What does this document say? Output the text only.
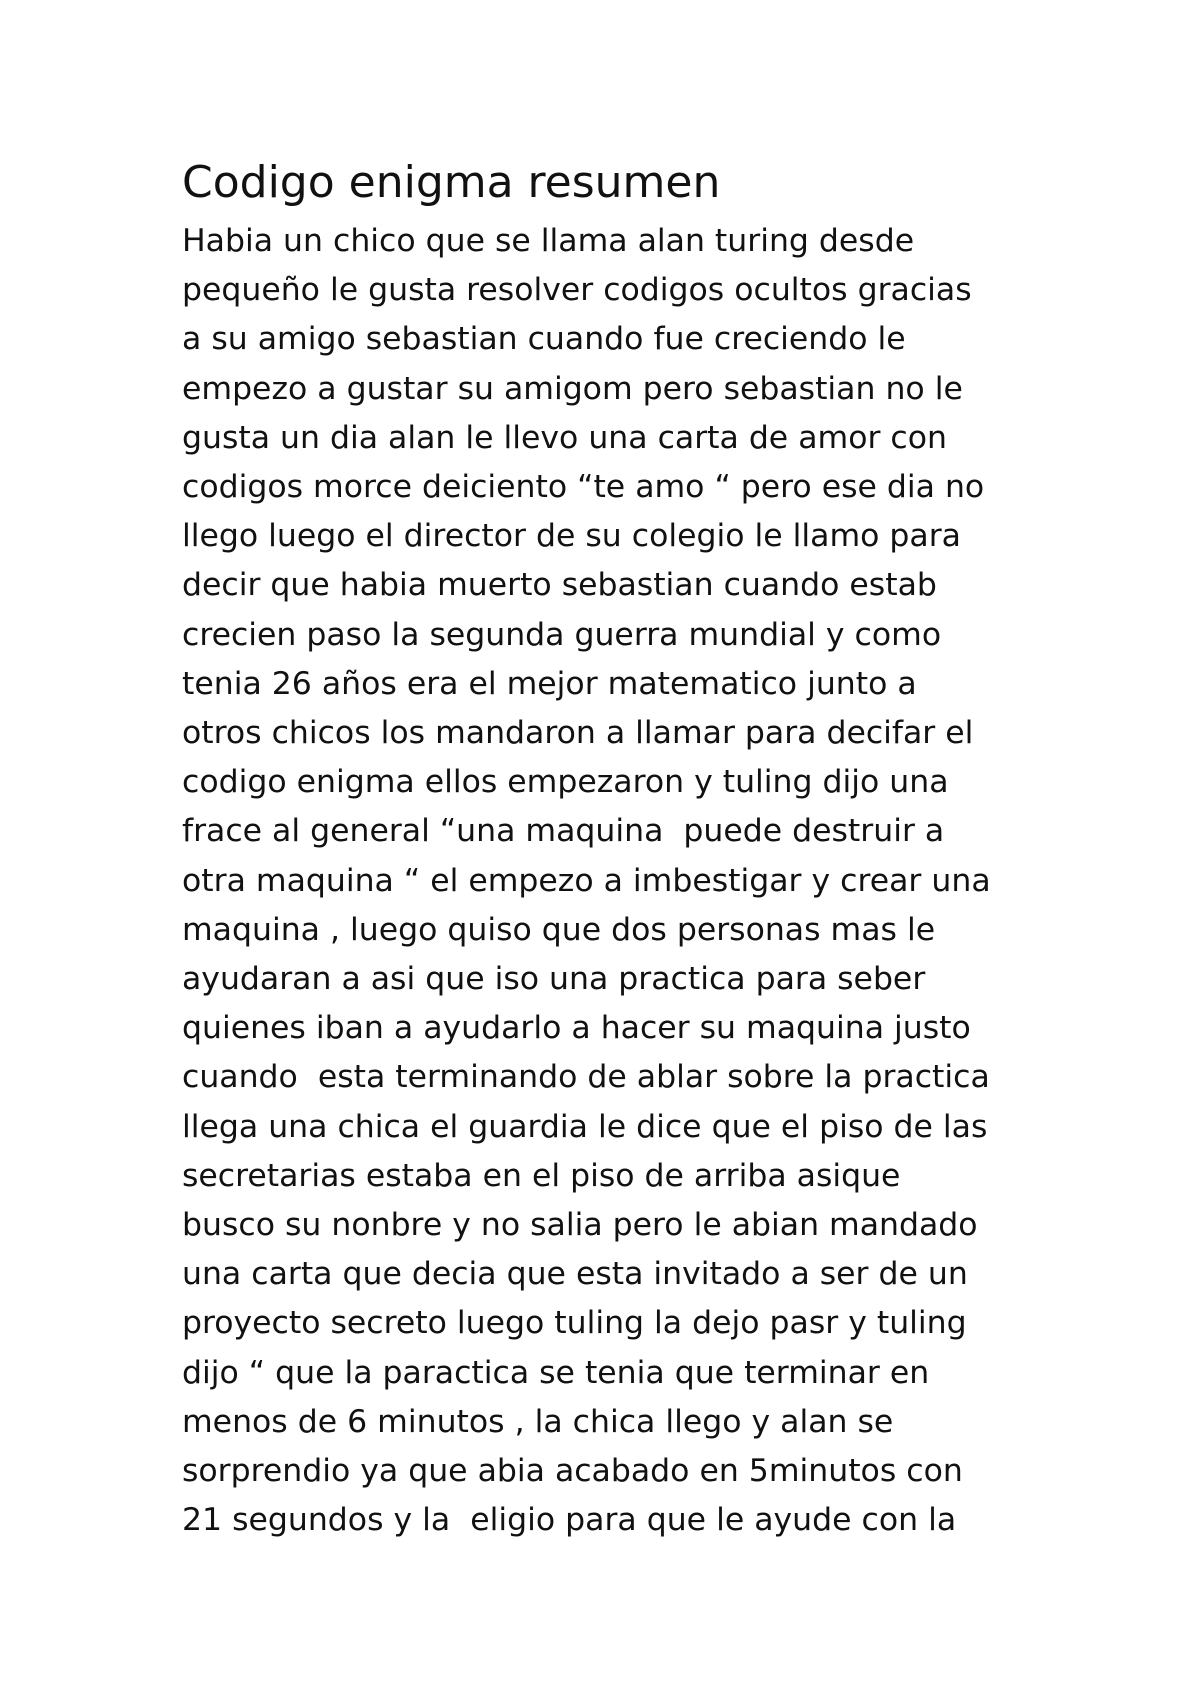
Codigo enigma resumen
Habia un chico que se llama alan turing desde
pequeño le gusta resolver codigos ocultos gracias
a su amigo sebastian cuando fue creciendo le
empezo a gustar su amigom pero sebastian no le
gusta un dia alan le llevo una carta de amor con
codigos morce deiciento “te amo “ pero ese dia no
llego luego el director de su colegio le llamo para
decir que habia muerto sebastian cuando estab
crecien paso la segunda guerra mundial y como
tenia 26 años era el mejor matematico junto a
otros chicos los mandaron a llamar para decifar el
codigo enigma ellos empezaron y tuling dijo una
frace al general “una maquina  puede destruir a
otra maquina “ el empezo a imbestigar y crear una
maquina , luego quiso que dos personas mas le
ayudaran a asi que iso una practica para seber
quienes iban a ayudarlo a hacer su maquina justo
cuando  esta terminando de ablar sobre la practica
llega una chica el guardia le dice que el piso de las
secretarias estaba en el piso de arriba asique
busco su nonbre y no salia pero le abian mandado
una carta que decia que esta invitado a ser de un
proyecto secreto luego tuling la dejo pasr y tuling
dijo “ que la paractica se tenia que terminar en
menos de 6 minutos , la chica llego y alan se
sorprendio ya que abia acabado en 5minutos con
21 segundos y la  eligio para que le ayude con la
